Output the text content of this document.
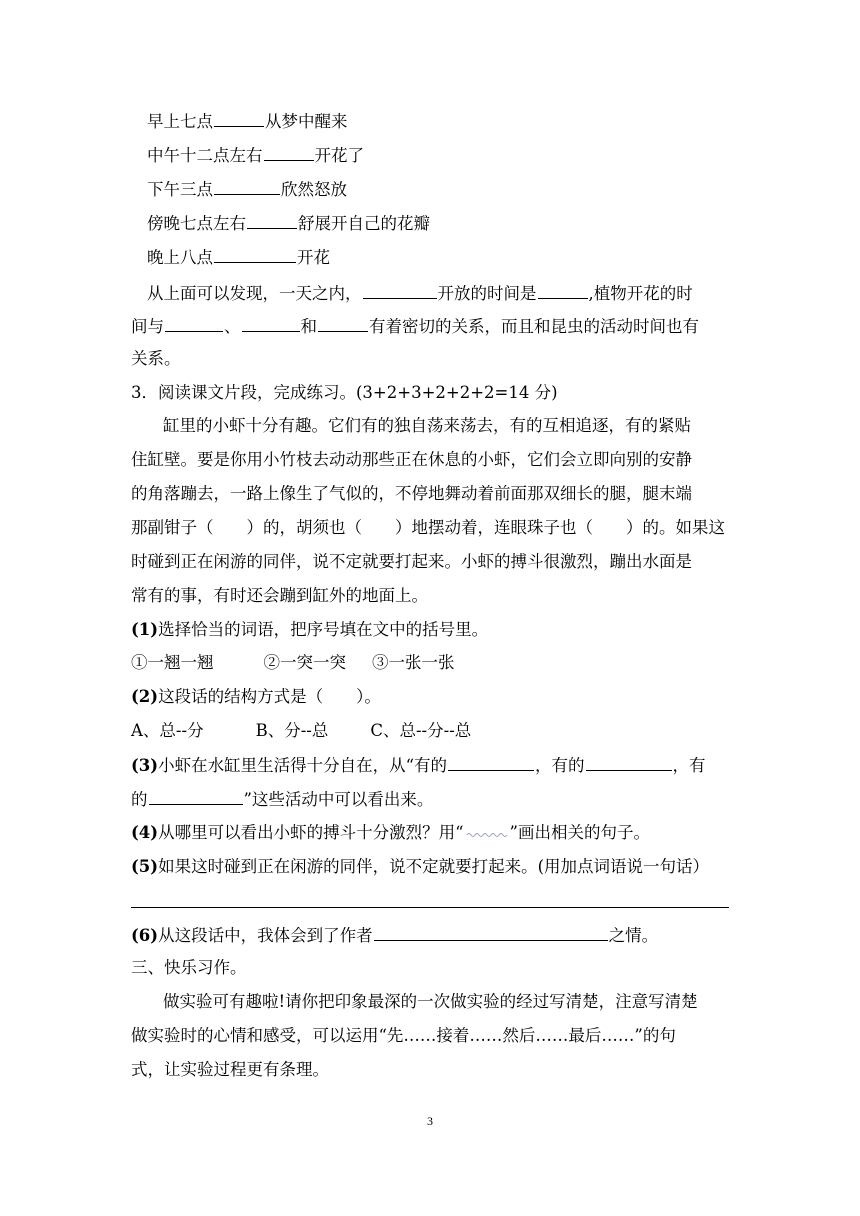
早上七点	从梦中醒来
中午十二点左右	开花了
下午三点	欣然怒放
傍晚七点左右	舒展开自己的花瓣
晚上八点	开花
从上面可以发现，一天之内，	开放的时间是	,植物开花的时
间与	、	和	有着密切的关系，而且和昆虫的活动时间也有
关系。
3．阅读课文片段，完成练习。(3+2+3+2+2+2=14 分)
缸里的小虾十分有趣。它们有的独自荡来荡去，有的互相追逐，有的紧贴
住缸壁。要是你用小竹枝去动动那些正在休息的小虾，它们会立即向别的安静
的角落蹦去，一路上像生了气似的，不停地舞动着前面那双细长的腿，腿末端
那副钳子（　　）的，胡须也（　　）地摆动着，连眼珠子也（　　）的。如果这
时碰到正在闲游的同伴，说不定就要打起来。小虾的搏斗很激烈，蹦出水面是
常有的事，有时还会蹦到缸外的地面上。
(1)选择恰当的词语，把序号填在文中的括号里。
①一翘一翘	②一突一突 ③一张一张
(2)这段话的结构方式是（　　）。
A、总--分	B、分--总	C、总--分--总
(3)小虾在水缸里生活得十分自在，从“有的	，有的	，有
的	”这些活动中可以看出来。
(4)从哪里可以看出小虾的搏斗十分激烈？用“	”画出相关的句子。
(5)如果这时碰到正在闲游的同伴，说不定就要打起来。(用加点词语说一句话）
(6)从这段话中，我体会到了作者	之情。
三、快乐习作。
做实验可有趣啦!请你把印象最深的一次做实验的经过写清楚，注意写清楚
做实验时的心情和感受，可以运用“先……接着……然后……最后……”的句
式，让实验过程更有条理。
3
